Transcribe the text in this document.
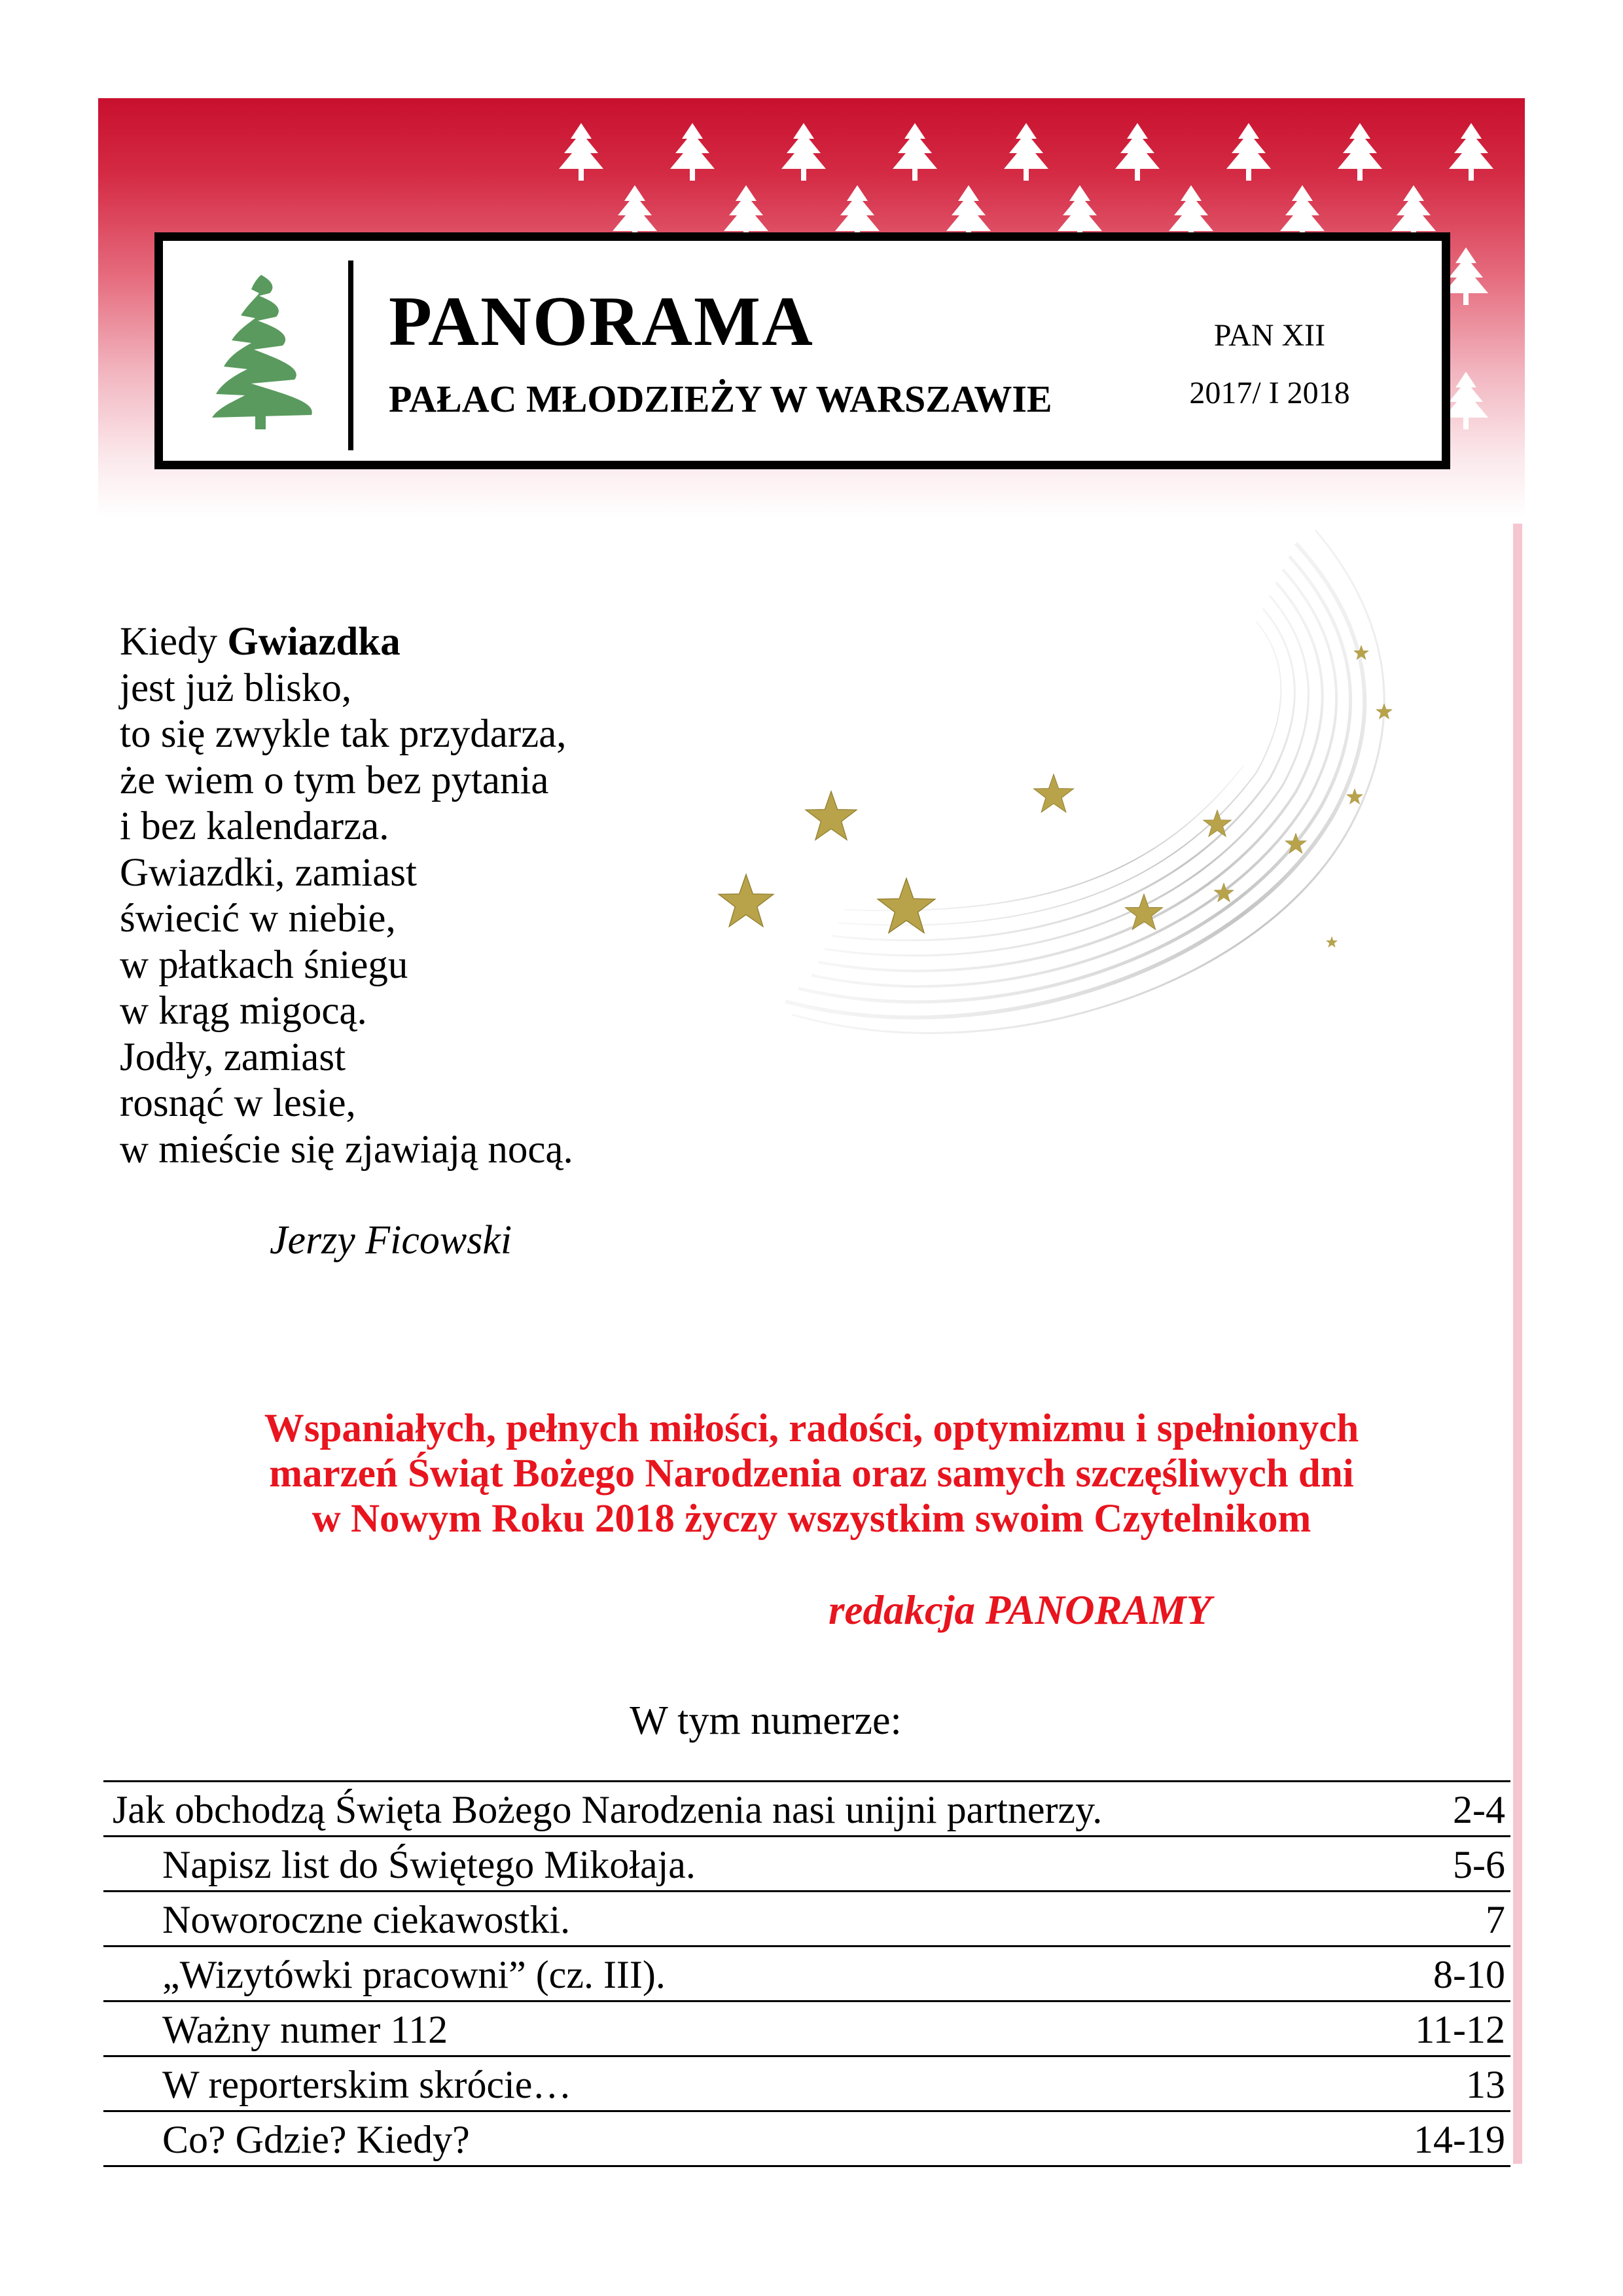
PANORAMA
PAŁAC MŁODZIEŻY W WARSZAWIE
PAN XII
2017/ I 2018
Kiedy Gwiazdka
jest już blisko,
to się zwykle tak przydarza,
że wiem o tym bez pytania
i bez kalendarza.
Gwiazdki, zamiast
świecić w niebie,
w płatkach śniegu
w krąg migocą.
Jodły, zamiast
rosnąć w lesie,
w mieście się zjawiają nocą.
Jerzy Ficowski
Wspaniałych, pełnych miłości, radości, optymizmu i spełnionych
marzeń Świąt Bożego Narodzenia oraz samych szczęśliwych dni
w Nowym Roku 2018 życzy wszystkim swoim Czytelnikom
redakcja PANORAMY
W tym numerze:
Jak obchodzą Święta Bożego Narodzenia nasi unijni partnerzy.	2-4
Napisz list do Świętego Mikołaja.	5-6
Noworoczne ciekawostki.	7
„Wizytówki pracowni” (cz. III).	8-10
Ważny numer 112	11-12
W reporterskim skrócie…	13
Co? Gdzie? Kiedy?	14-19
